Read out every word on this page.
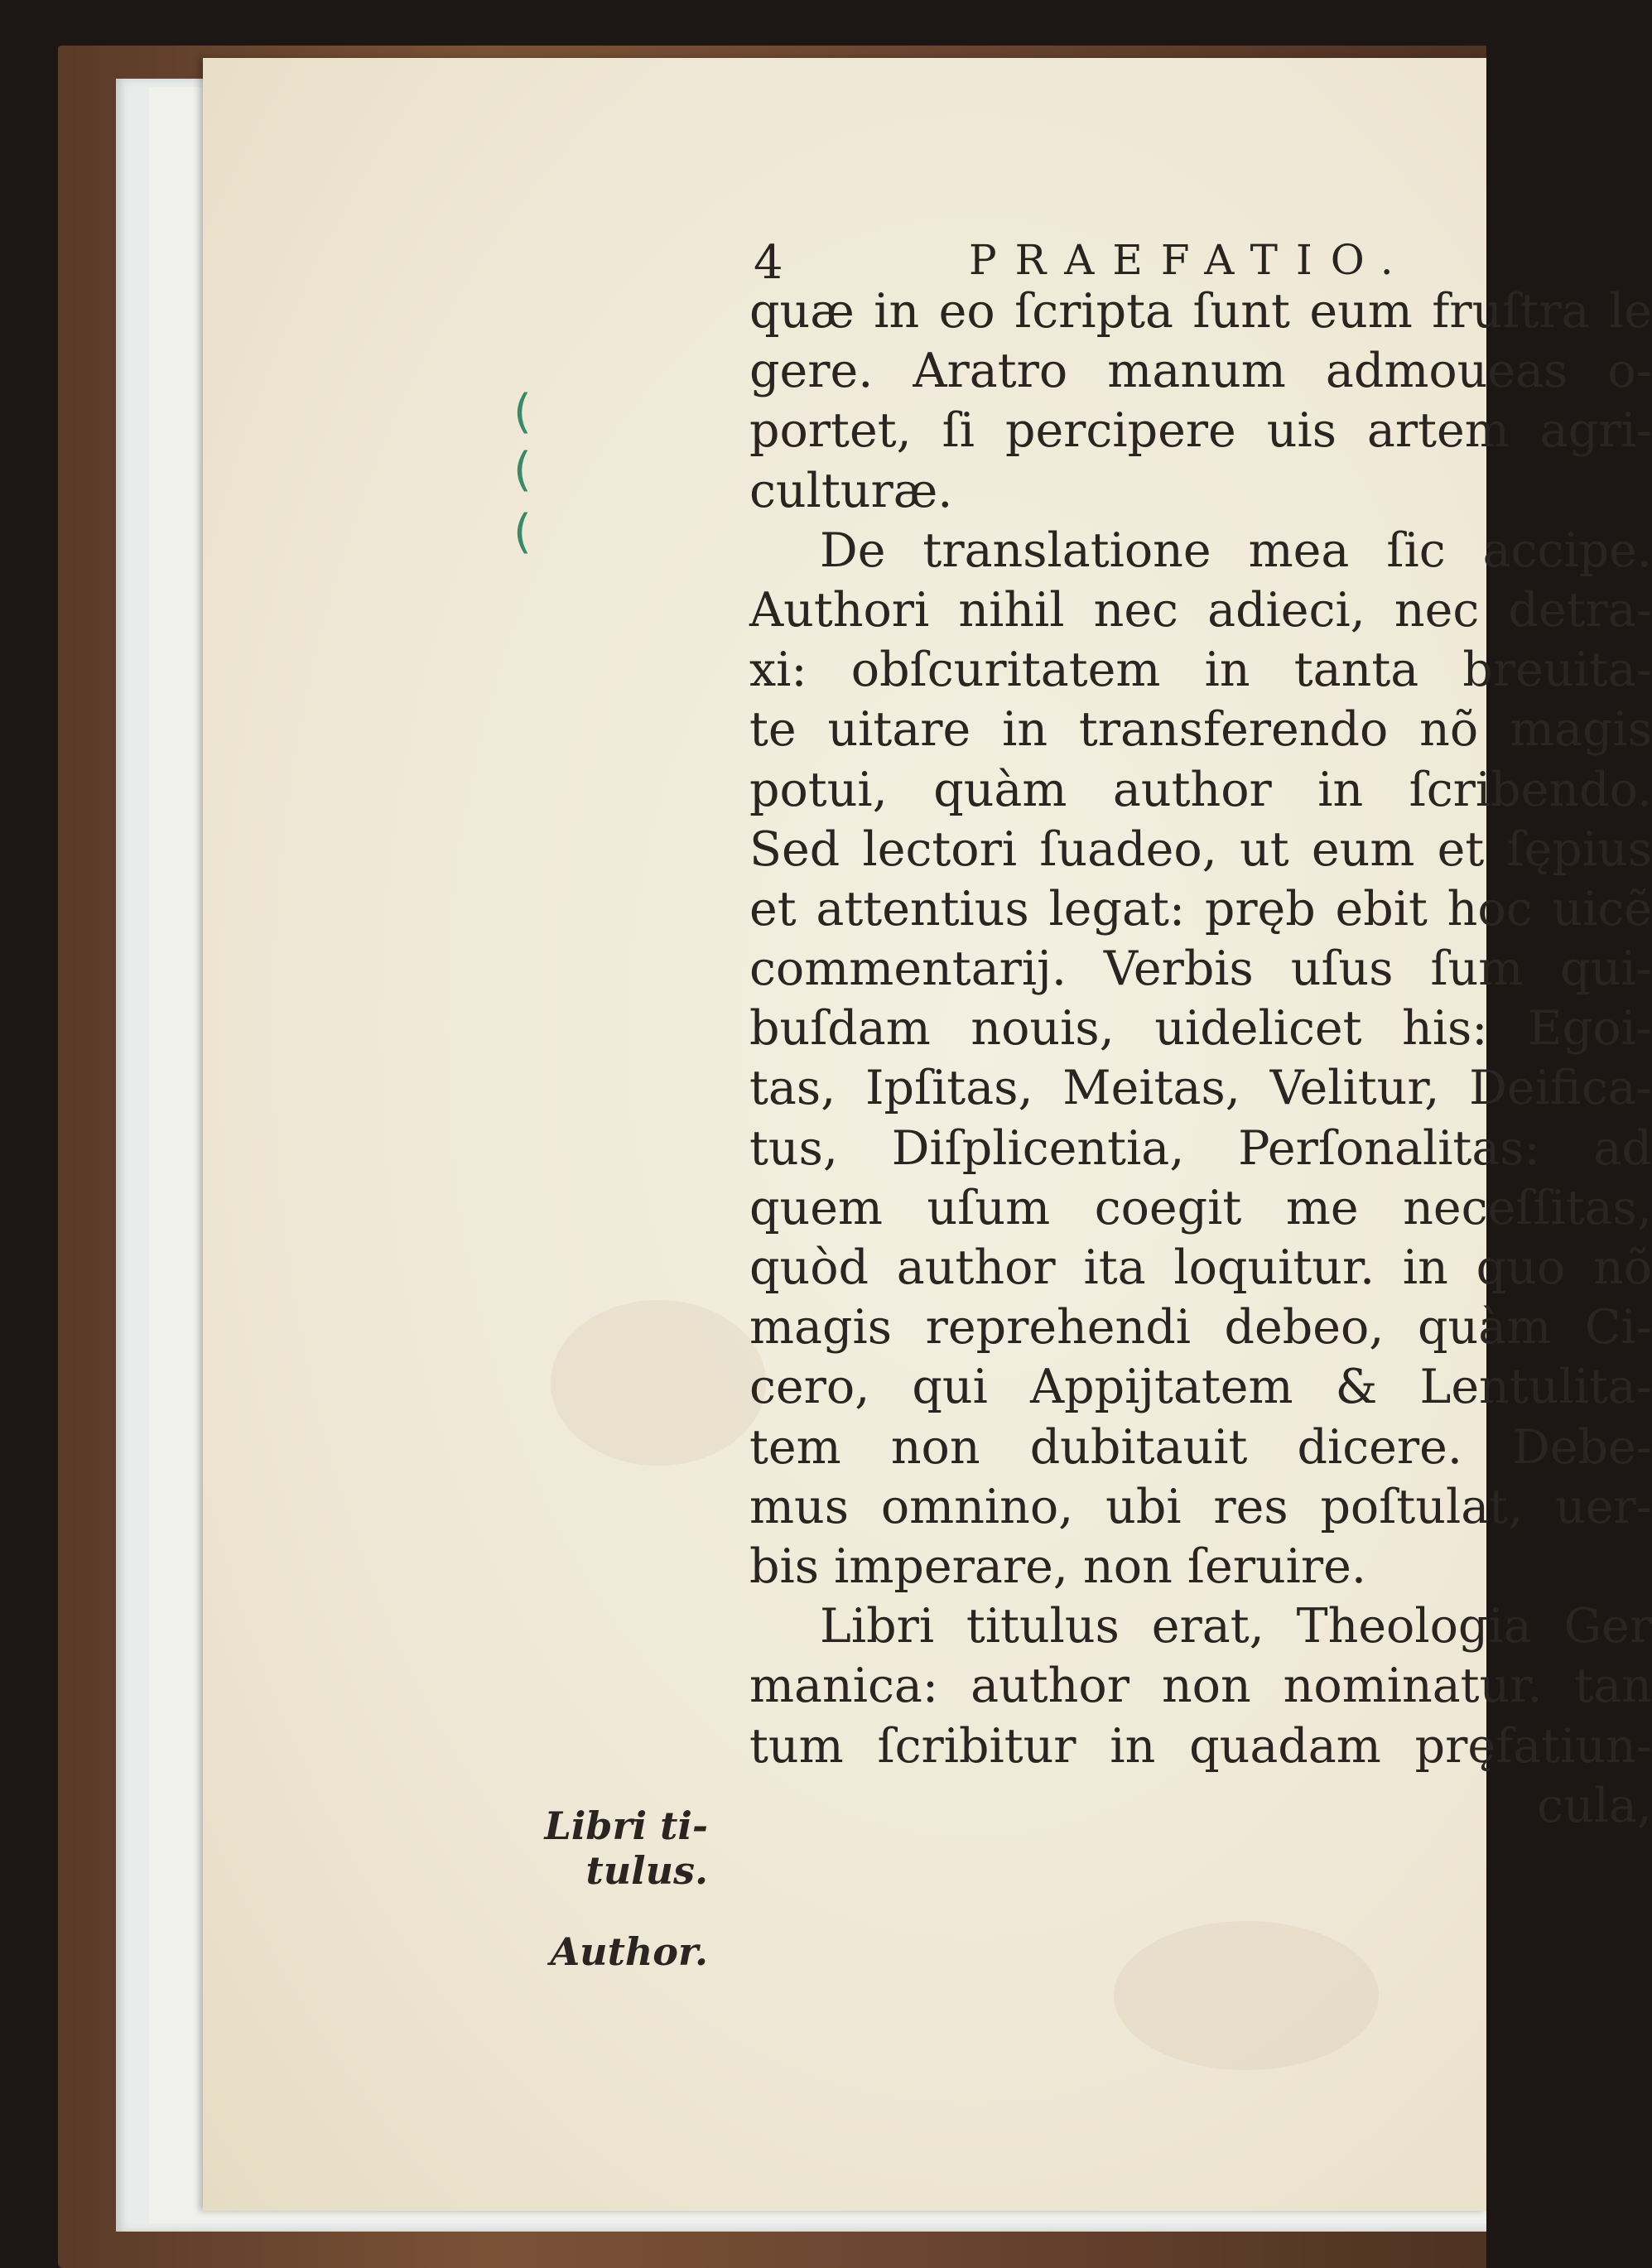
4	PRAEFATIO.
(
(
(
quæ in eo ſcripta ſunt eum fruſtra le
gere. Aratro manum admoueas o-
portet, ſi percipere uis artem agri-
culturæ.
De translatione mea ſic accipe.
Authori nihil nec adieci, nec detra-
xi: obſcuritatem in tanta breuita-
te uitare in transferendo nõ magis
potui, quàm author in ſcribendo.
Sed lectori ſuadeo, ut eum et ſępius
et attentius legat: pręb ebit hoc uicẽ
commentarij. Verbis uſus ſum qui-
buſdam nouis, uidelicet his: Egoi-
tas, Ipſitas, Meitas, Velitur, Deifica-
tus, Diſplicentia, Perſonalitas: ad
quem uſum coegit me neceſſitas,
quòd author ita loquitur. in quo nõ
magis reprehendi debeo, quàm Ci-
cero, qui Appijtatem & Lentulita-
tem non dubitauit dicere. Debe-
mus omnino, ubi res poſtulat, uer-
bis imperare, non ſeruire.
Libri titulus erat, Theologia Ger
manica: author non nominatur. tan
tum ſcribitur in quadam pręfatiun-
cula,
Libri ti-
tulus.
Author.
